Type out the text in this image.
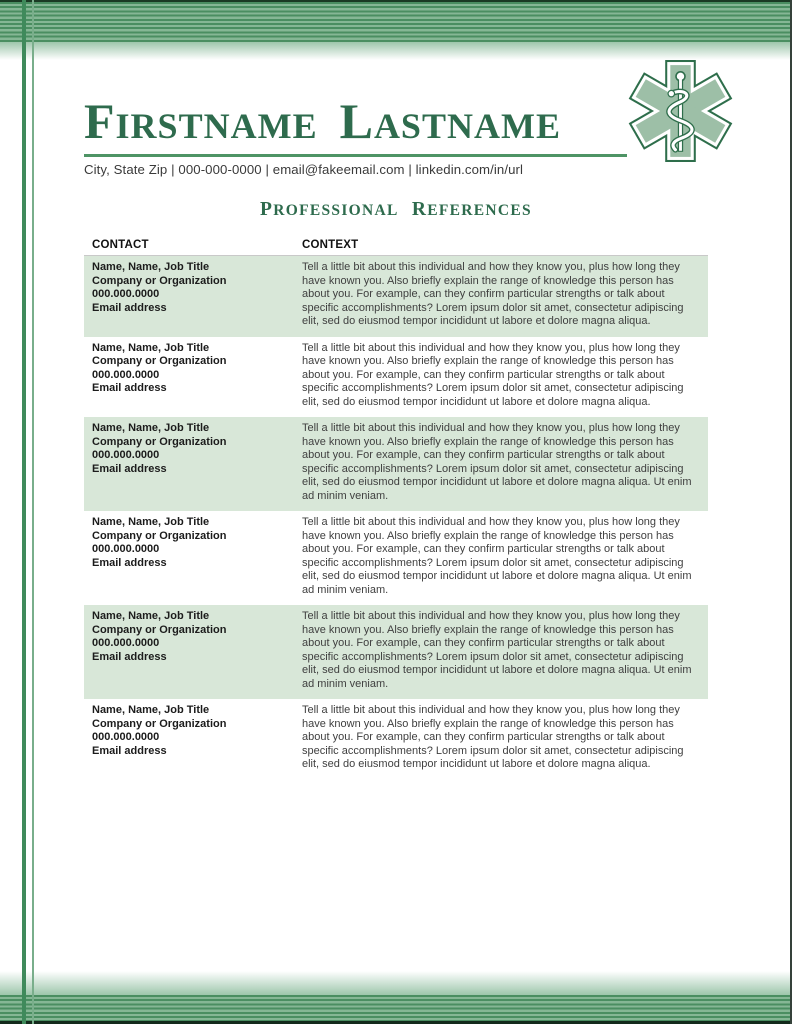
FIRSTNAME LASTNAME
City, State Zip | 000-000-0000 | email@fakeemail.com | linkedin.com/in/url
PROFESSIONAL REFERENCES
CONTACT	CONTEXT
Name, Name, Job Title
Company or Organization
000.000.0000
Email address
Tell a little bit about this individual and how they know you, plus how long they have known you. Also briefly explain the range of knowledge this person has about you. For example, can they confirm particular strengths or talk about specific accomplishments? Lorem ipsum dolor sit amet, consectetur adipiscing elit, sed do eiusmod tempor incididunt ut labore et dolore magna aliqua.
Name, Name, Job Title
Company or Organization
000.000.0000
Email address
Tell a little bit about this individual and how they know you, plus how long they have known you. Also briefly explain the range of knowledge this person has about you. For example, can they confirm particular strengths or talk about specific accomplishments? Lorem ipsum dolor sit amet, consectetur adipiscing elit, sed do eiusmod tempor incididunt ut labore et dolore magna aliqua.
Name, Name, Job Title
Company or Organization
000.000.0000
Email address
Tell a little bit about this individual and how they know you, plus how long they have known you. Also briefly explain the range of knowledge this person has about you. For example, can they confirm particular strengths or talk about specific accomplishments? Lorem ipsum dolor sit amet, consectetur adipiscing elit, sed do eiusmod tempor incididunt ut labore et dolore magna aliqua. Ut enim ad minim veniam.
Name, Name, Job Title
Company or Organization
000.000.0000
Email address
Tell a little bit about this individual and how they know you, plus how long they have known you. Also briefly explain the range of knowledge this person has about you. For example, can they confirm particular strengths or talk about specific accomplishments? Lorem ipsum dolor sit amet, consectetur adipiscing elit, sed do eiusmod tempor incididunt ut labore et dolore magna aliqua. Ut enim ad minim veniam.
Name, Name, Job Title
Company or Organization
000.000.0000
Email address
Tell a little bit about this individual and how they know you, plus how long they have known you. Also briefly explain the range of knowledge this person has about you. For example, can they confirm particular strengths or talk about specific accomplishments? Lorem ipsum dolor sit amet, consectetur adipiscing elit, sed do eiusmod tempor incididunt ut labore et dolore magna aliqua. Ut enim ad minim veniam.
Name, Name, Job Title
Company or Organization
000.000.0000
Email address
Tell a little bit about this individual and how they know you, plus how long they have known you. Also briefly explain the range of knowledge this person has about you. For example, can they confirm particular strengths or talk about specific accomplishments? Lorem ipsum dolor sit amet, consectetur adipiscing elit, sed do eiusmod tempor incididunt ut labore et dolore magna aliqua.
